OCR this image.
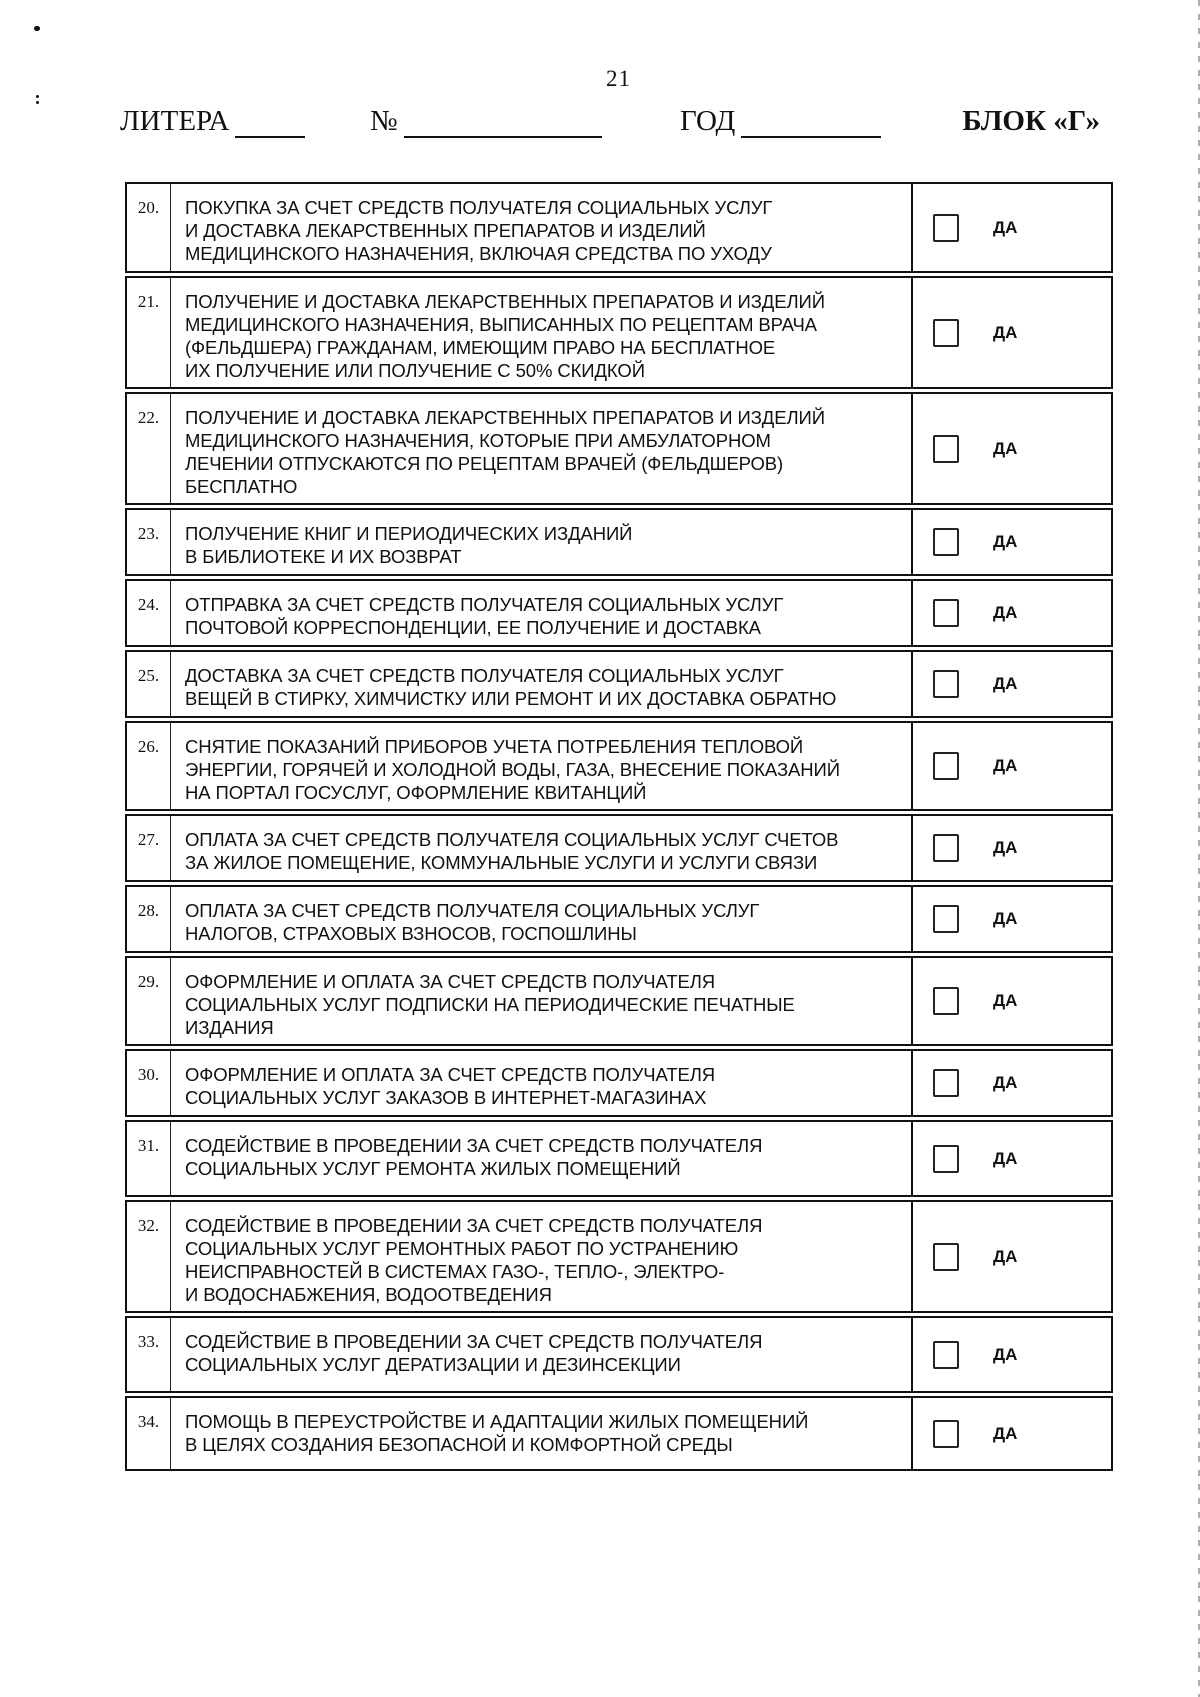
21
ЛИТЕРА	№	ГОД	БЛОК «Г»
20.	ПОКУПКА ЗА СЧЕТ СРЕДСТВ ПОЛУЧАТЕЛЯ СОЦИАЛЬНЫХ УСЛУГ
И ДОСТАВКА ЛЕКАРСТВЕННЫХ ПРЕПАРАТОВ И ИЗДЕЛИЙ
МЕДИЦИНСКОГО НАЗНАЧЕНИЯ, ВКЛЮЧАЯ СРЕДСТВА ПО УХОДУ
ДА
21.	ПОЛУЧЕНИЕ И ДОСТАВКА ЛЕКАРСТВЕННЫХ ПРЕПАРАТОВ И ИЗДЕЛИЙ
МЕДИЦИНСКОГО НАЗНАЧЕНИЯ, ВЫПИСАННЫХ ПО РЕЦЕПТАМ ВРАЧА
(ФЕЛЬДШЕРА) ГРАЖДАНАМ, ИМЕЮЩИМ ПРАВО НА БЕСПЛАТНОЕ
ИХ ПОЛУЧЕНИЕ ИЛИ ПОЛУЧЕНИЕ С 50% СКИДКОЙ
ДА
22.	ПОЛУЧЕНИЕ И ДОСТАВКА ЛЕКАРСТВЕННЫХ ПРЕПАРАТОВ И ИЗДЕЛИЙ
МЕДИЦИНСКОГО НАЗНАЧЕНИЯ, КОТОРЫЕ ПРИ АМБУЛАТОРНОМ
ЛЕЧЕНИИ ОТПУСКАЮТСЯ ПО РЕЦЕПТАМ ВРАЧЕЙ (ФЕЛЬДШЕРОВ)
БЕСПЛАТНО
ДА
23.	ПОЛУЧЕНИЕ КНИГ И ПЕРИОДИЧЕСКИХ ИЗДАНИЙ
В БИБЛИОТЕКЕ И ИХ ВОЗВРАТ
ДА
24.	ОТПРАВКА ЗА СЧЕТ СРЕДСТВ ПОЛУЧАТЕЛЯ СОЦИАЛЬНЫХ УСЛУГ
ПОЧТОВОЙ КОРРЕСПОНДЕНЦИИ, ЕЕ ПОЛУЧЕНИЕ И ДОСТАВКА
ДА
25.	ДОСТАВКА ЗА СЧЕТ СРЕДСТВ ПОЛУЧАТЕЛЯ СОЦИАЛЬНЫХ УСЛУГ
ВЕЩЕЙ В СТИРКУ, ХИМЧИСТКУ ИЛИ РЕМОНТ И ИХ ДОСТАВКА ОБРАТНО
ДА
26.	СНЯТИЕ ПОКАЗАНИЙ ПРИБОРОВ УЧЕТА ПОТРЕБЛЕНИЯ ТЕПЛОВОЙ
ЭНЕРГИИ, ГОРЯЧЕЙ И ХОЛОДНОЙ ВОДЫ, ГАЗА, ВНЕСЕНИЕ ПОКАЗАНИЙ
НА ПОРТАЛ ГОСУСЛУГ, ОФОРМЛЕНИЕ КВИТАНЦИЙ
ДА
27.	ОПЛАТА ЗА СЧЕТ СРЕДСТВ ПОЛУЧАТЕЛЯ СОЦИАЛЬНЫХ УСЛУГ СЧЕТОВ
ЗА ЖИЛОЕ ПОМЕЩЕНИЕ, КОММУНАЛЬНЫЕ УСЛУГИ И УСЛУГИ СВЯЗИ
ДА
28.	ОПЛАТА ЗА СЧЕТ СРЕДСТВ ПОЛУЧАТЕЛЯ СОЦИАЛЬНЫХ УСЛУГ
НАЛОГОВ, СТРАХОВЫХ ВЗНОСОВ, ГОСПОШЛИНЫ
ДА
29.	ОФОРМЛЕНИЕ И ОПЛАТА ЗА СЧЕТ СРЕДСТВ ПОЛУЧАТЕЛЯ
СОЦИАЛЬНЫХ УСЛУГ ПОДПИСКИ НА ПЕРИОДИЧЕСКИЕ ПЕЧАТНЫЕ
ИЗДАНИЯ
ДА
30.	ОФОРМЛЕНИЕ И ОПЛАТА ЗА СЧЕТ СРЕДСТВ ПОЛУЧАТЕЛЯ
СОЦИАЛЬНЫХ УСЛУГ ЗАКАЗОВ В ИНТЕРНЕТ-МАГАЗИНАХ
ДА
31.	СОДЕЙСТВИЕ В ПРОВЕДЕНИИ ЗА СЧЕТ СРЕДСТВ ПОЛУЧАТЕЛЯ
СОЦИАЛЬНЫХ УСЛУГ РЕМОНТА ЖИЛЫХ ПОМЕЩЕНИЙ	ДА
32.	СОДЕЙСТВИЕ В ПРОВЕДЕНИИ ЗА СЧЕТ СРЕДСТВ ПОЛУЧАТЕЛЯ
СОЦИАЛЬНЫХ УСЛУГ РЕМОНТНЫХ РАБОТ ПО УСТРАНЕНИЮ
НЕИСПРАВНОСТЕЙ В СИСТЕМАХ ГАЗО-, ТЕПЛО-, ЭЛЕКТРО-
И ВОДОСНАБЖЕНИЯ, ВОДООТВЕДЕНИЯ
ДА
33.	СОДЕЙСТВИЕ В ПРОВЕДЕНИИ ЗА СЧЕТ СРЕДСТВ ПОЛУЧАТЕЛЯ
СОЦИАЛЬНЫХ УСЛУГ ДЕРАТИЗАЦИИ И ДЕЗИНСЕКЦИИ	ДА
34.	ПОМОЩЬ В ПЕРЕУСТРОЙСТВЕ И АДАПТАЦИИ ЖИЛЫХ ПОМЕЩЕНИЙ
В ЦЕЛЯХ СОЗДАНИЯ БЕЗОПАСНОЙ И КОМФОРТНОЙ СРЕДЫ
ДА
